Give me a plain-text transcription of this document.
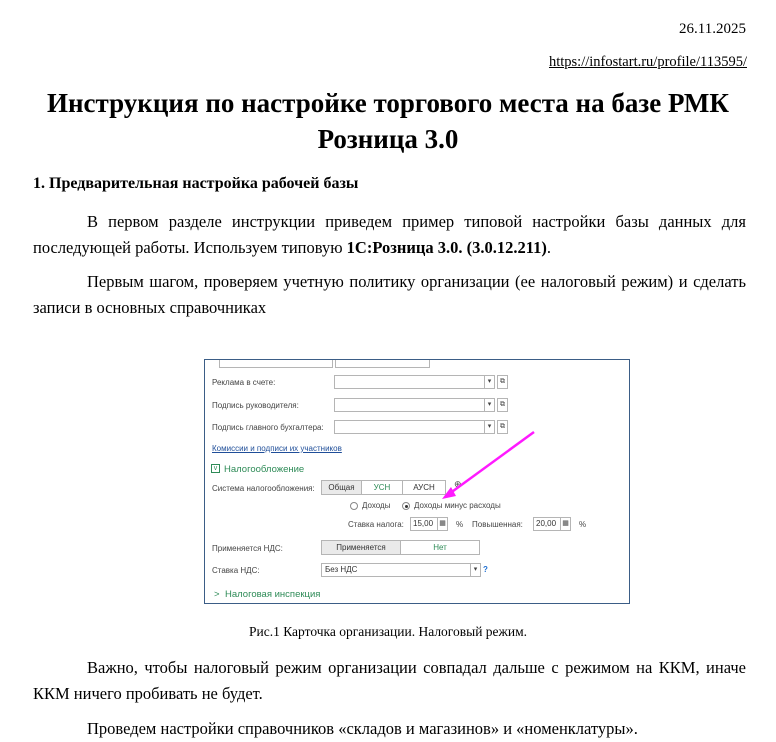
26.11.2025
https://infostart.ru/profile/113595/
Инструкция по настройке торгового места на базе РМК
Розница 3.0
1. Предварительная настройка рабочей базы
В первом разделе инструкции приведем пример типовой настройки базы данных для последующей работы. Используем типовую 1С:Розница 3.0. (3.0.12.211).
Первым шагом, проверяем учетную политику организации (ее налоговый режим) и сделать записи в основных справочниках
Реклама в счете:	▾	⧉
Подпись руководителя:	▾	⧉
Подпись главного бухгалтера:	▾	⧉
Комиссии и подписи их участников
v Налогообложение
Система налогообложения:	Общая	УСН	АУСН	⊕
Доходы	Доходы минус расходы
Ставка налога:	15,00 ▦ % Повышенная:	20,00 ▦ %
Применяется НДС:	Применяется	Нет
Ставка НДС:	Без НДС	▾ ?
> Налоговая инспекция
Рис.1 Карточка организации. Налоговый режим.
Важно, чтобы налоговый режим организации совпадал дальше с режимом на ККМ, иначе ККМ ничего пробивать не будет.
Проведем настройки справочников «складов и магазинов» и «номенклатуры».
